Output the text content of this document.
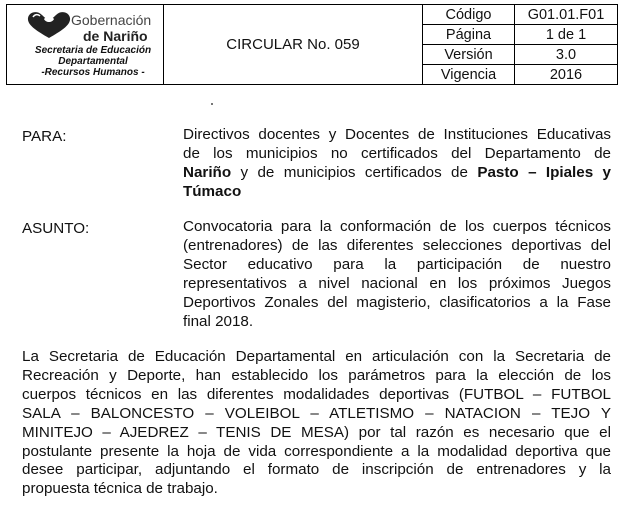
Gobernación
de Nariño
Secretaria de Educación
Departamental
-Recursos Humanos -	CIRCULAR No. 059	Código	G01.01.F01
		Página	1 de 1
		Versión	3.0
		Vigencia	2016
PARA:	Directivos docentes y Docentes de Instituciones Educativas
de los municipios no certificados del Departamento de
Nariño y de municipios certificados de Pasto – Ipiales y
Túmaco
ASUNTO:	Convocatoria para la conformación de los cuerpos técnicos
(entrenadores) de las diferentes selecciones deportivas del
Sector educativo para la participación de nuestro
representativos a nivel nacional en los próximos Juegos
Deportivos Zonales del magisterio, clasificatorios a la Fase
final 2018.
La Secretaria de Educación Departamental en articulación con la Secretaria de
Recreación y Deporte, han establecido los parámetros para la elección de los
cuerpos técnicos en las diferentes modalidades deportivas (FUTBOL – FUTBOL
SALA – BALONCESTO – VOLEIBOL – ATLETISMO – NATACION – TEJO Y
MINITEJO – AJEDREZ – TENIS DE MESA) por tal razón es necesario que el
postulante presente la hoja de vida correspondiente a la modalidad deportiva que
desee participar, adjuntando el formato de inscripción de entrenadores y la
propuesta técnica de trabajo.
